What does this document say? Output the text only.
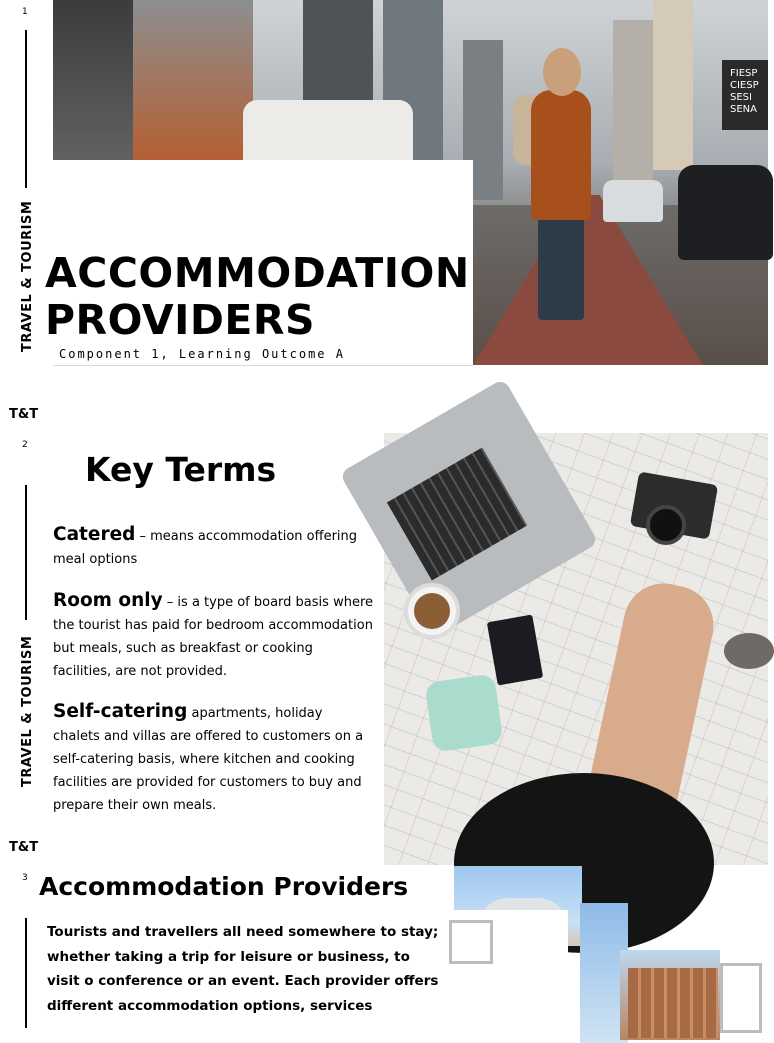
1
TRAVEL & TOURISM
FIESP
CIESP
SESI
SENA
ACCOMMODATION
PROVIDERS
Component 1, Learning Outcome A
T&T
2
TRAVEL & TOURISM
Key Terms

Catered – means accommodation offering meal options

Room only – is a type of board basis where the tourist has paid for bedroom accommodation but meals, such as breakfast or cooking facilities, are not provided.

Self-catering apartments, holiday chalets and villas are offered to customers on a self-catering basis, where kitchen and cooking facilities are provided for customers to buy and prepare their own meals.

T&T
3 Accommodation Providers

Tourists and travellers all need somewhere to stay; whether taking a trip for leisure or business, to visit o conference or an event. Each provider offers different accommodation options, services
